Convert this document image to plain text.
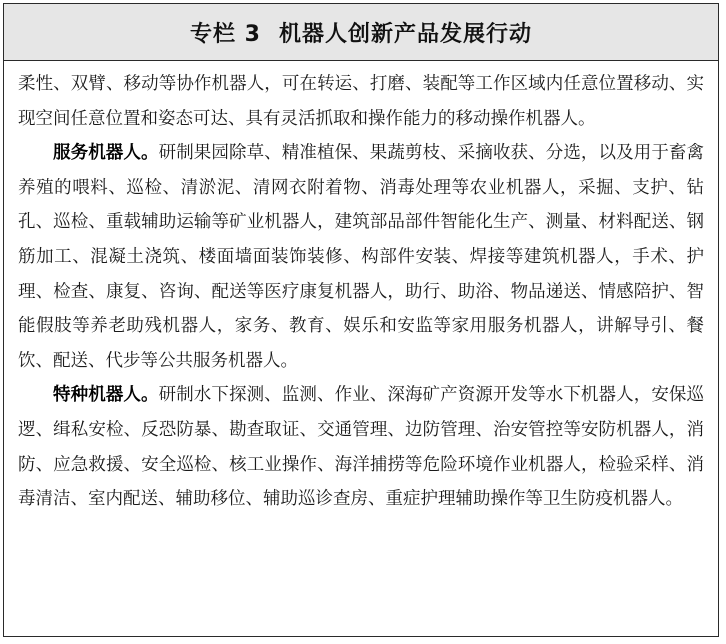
专栏 3 机器人创新产品发展行动

柔性、双臂、移动等协作机器人，可在转运、打磨、装配等工作区域内任意位置移动、实现空间任意位置和姿态可达、具有灵活抓取和操作能力的移动操作机器人。

服务机器人。研制果园除草、精准植保、果蔬剪枝、采摘收获、分选，以及用于畜禽养殖的喂料、巡检、清淤泥、清网衣附着物、消毒处理等农业机器人，采掘、支护、钻孔、巡检、重载辅助运输等矿业机器人，建筑部品部件智能化生产、测量、材料配送、钢筋加工、混凝土浇筑、楼面墙面装饰装修、构部件安装、焊接等建筑机器人，手术、护理、检查、康复、咨询、配送等医疗康复机器人，助行、助浴、物品递送、情感陪护、智能假肢等养老助残机器人，家务、教育、娱乐和安监等家用服务机器人，讲解导引、餐饮、配送、代步等公共服务机器人。

特种机器人。研制水下探测、监测、作业、深海矿产资源开发等水下机器人，安保巡逻、缉私安检、反恐防暴、勘查取证、交通管理、边防管理、治安管控等安防机器人，消防、应急救援、安全巡检、核工业操作、海洋捕捞等危险环境作业机器人，检验采样、消毒清洁、室内配送、辅助移位、辅助巡诊查房、重症护理辅助操作等卫生防疫机器人。
